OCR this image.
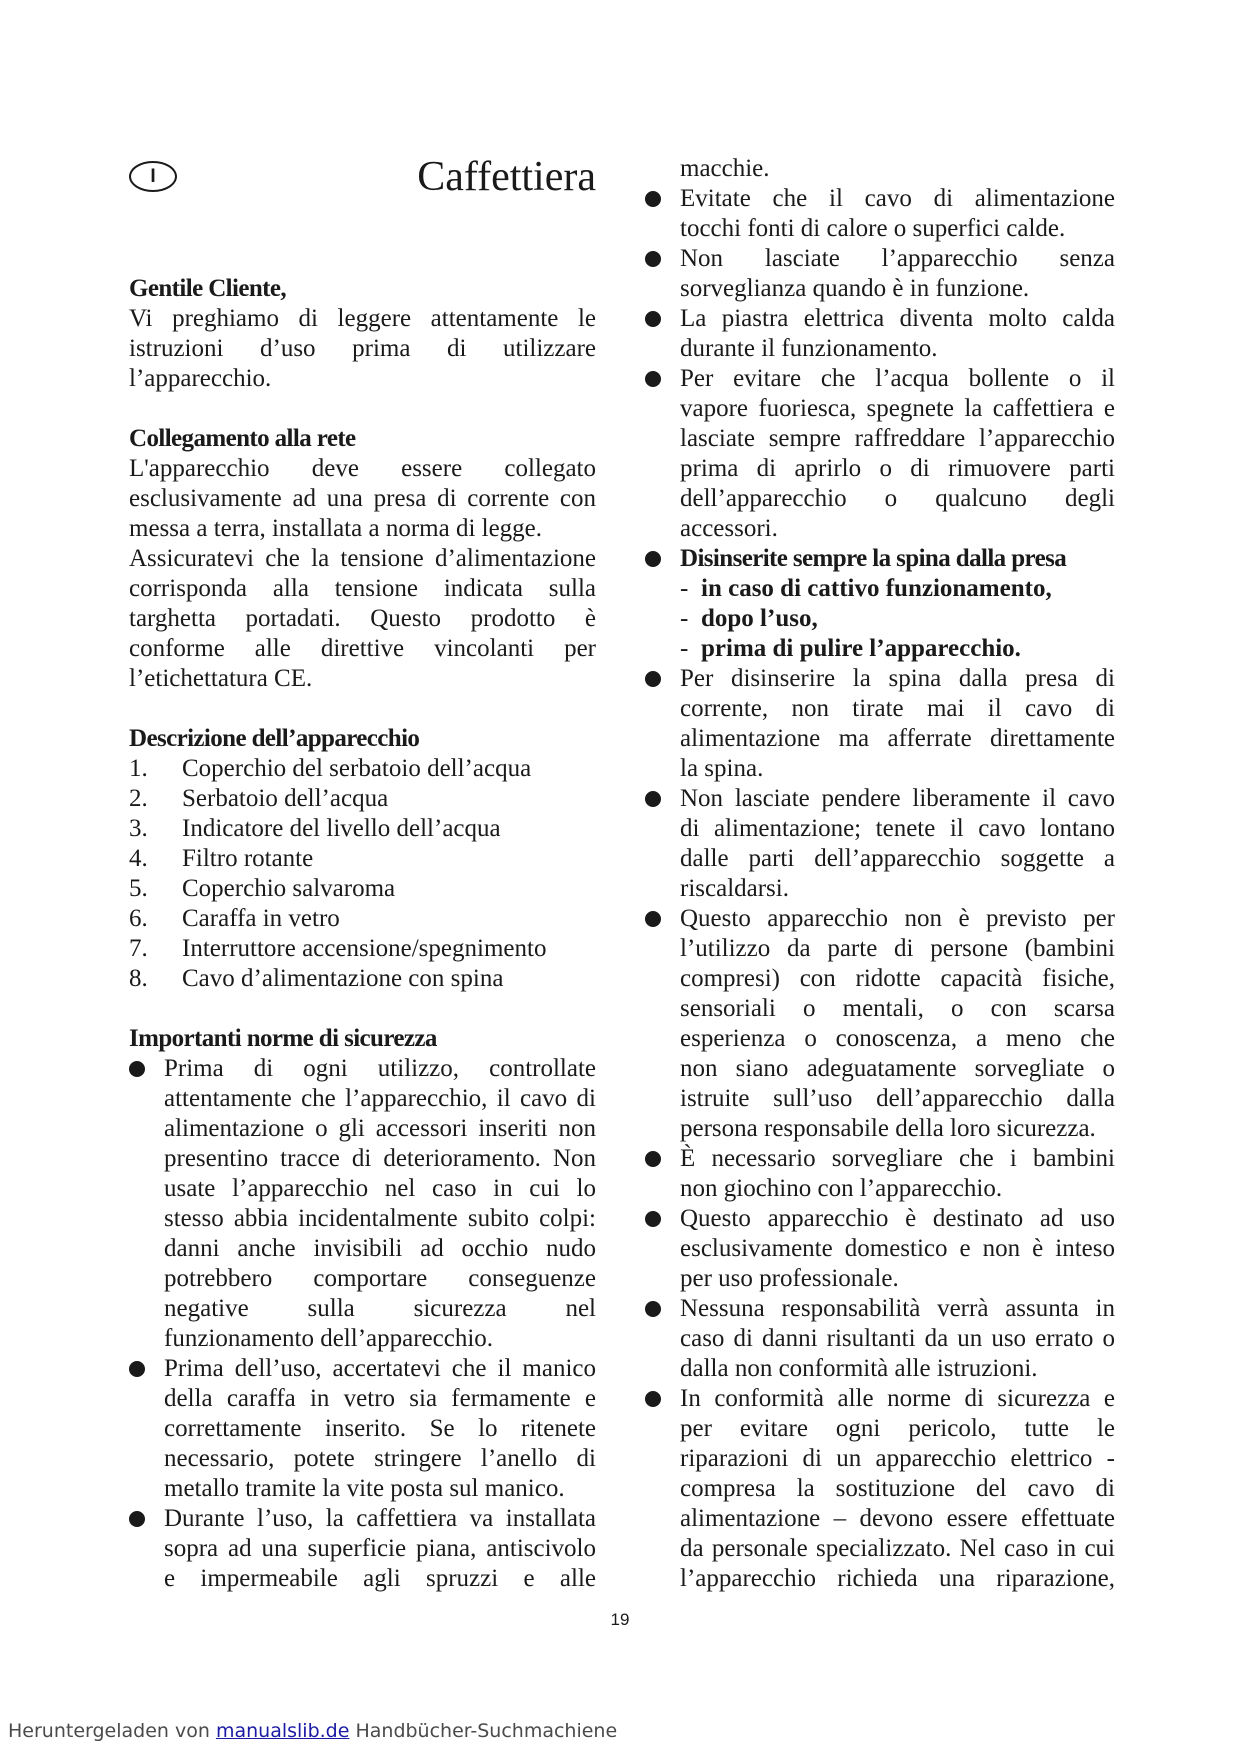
I	Caffettiera
Gentile Cliente,
Vi preghiamo di leggere attentamente le
istruzioni d’uso prima di utilizzare
l’apparecchio.
Collegamento alla rete
L'apparecchio deve essere collegato
esclusivamente ad una presa di corrente con
messa a terra, installata a norma di legge.
Assicuratevi che la tensione d’alimentazione
corrisponda alla tensione indicata sulla
targhetta portadati. Questo prodotto è
conforme alle direttive vincolanti per
l’etichettatura CE.
Descrizione dell’apparecchio
1. Coperchio del serbatoio dell’acqua
2. Serbatoio dell’acqua
3. Indicatore del livello dell’acqua
4. Filtro rotante
5. Coperchio salvaroma
6. Caraffa in vetro
7. Interruttore accensione/spegnimento
8. Cavo d’alimentazione con spina
Importanti norme di sicurezza
Prima di ogni utilizzo, controllate
attentamente che l’apparecchio, il cavo di
alimentazione o gli accessori inseriti non
presentino tracce di deterioramento. Non
usate l’apparecchio nel caso in cui lo
stesso abbia incidentalmente subito colpi:
danni anche invisibili ad occhio nudo
potrebbero comportare conseguenze
negative sulla sicurezza nel
funzionamento dell’apparecchio.
Prima dell’uso, accertatevi che il manico
della caraffa in vetro sia fermamente e
correttamente inserito. Se lo ritenete
necessario, potete stringere l’anello di
metallo tramite la vite posta sul manico.
Durante l’uso, la caffettiera va installata
sopra ad una superficie piana, antiscivolo
e impermeabile agli spruzzi e alle
macchie.
Evitate che il cavo di alimentazione
tocchi fonti di calore o superfici calde.
Non lasciate l’apparecchio senza
sorveglianza quando è in funzione.
La piastra elettrica diventa molto calda
durante il funzionamento.
Per evitare che l’acqua bollente o il
vapore fuoriesca, spegnete la caffettiera e
lasciate sempre raffreddare l’apparecchio
prima di aprirlo o di rimuovere parti
dell’apparecchio o qualcuno degli
accessori.
Disinserite sempre la spina dalla presa
- in caso di cattivo funzionamento,
- dopo l’uso,
- prima di pulire l’apparecchio.
Per disinserire la spina dalla presa di
corrente, non tirate mai il cavo di
alimentazione ma afferrate direttamente
la spina.
Non lasciate pendere liberamente il cavo
di alimentazione; tenete il cavo lontano
dalle parti dell’apparecchio soggette a
riscaldarsi.
Questo apparecchio non è previsto per
l’utilizzo da parte di persone (bambini
compresi) con ridotte capacità fisiche,
sensoriali o mentali, o con scarsa
esperienza o conoscenza, a meno che
non siano adeguatamente sorvegliate o
istruite sull’uso dell’apparecchio dalla
persona responsabile della loro sicurezza.
È necessario sorvegliare che i bambini
non giochino con l’apparecchio.
Questo apparecchio è destinato ad uso
esclusivamente domestico e non è inteso
per uso professionale.
Nessuna responsabilità verrà assunta in
caso di danni risultanti da un uso errato o
dalla non conformità alle istruzioni.
In conformità alle norme di sicurezza e
per evitare ogni pericolo, tutte le
riparazioni di un apparecchio elettrico -
compresa la sostituzione del cavo di
alimentazione – devono essere effettuate
da personale specializzato. Nel caso in cui
l’apparecchio richieda una riparazione,
19
Heruntergeladen von manualslib.de Handbücher-Suchmachiene
